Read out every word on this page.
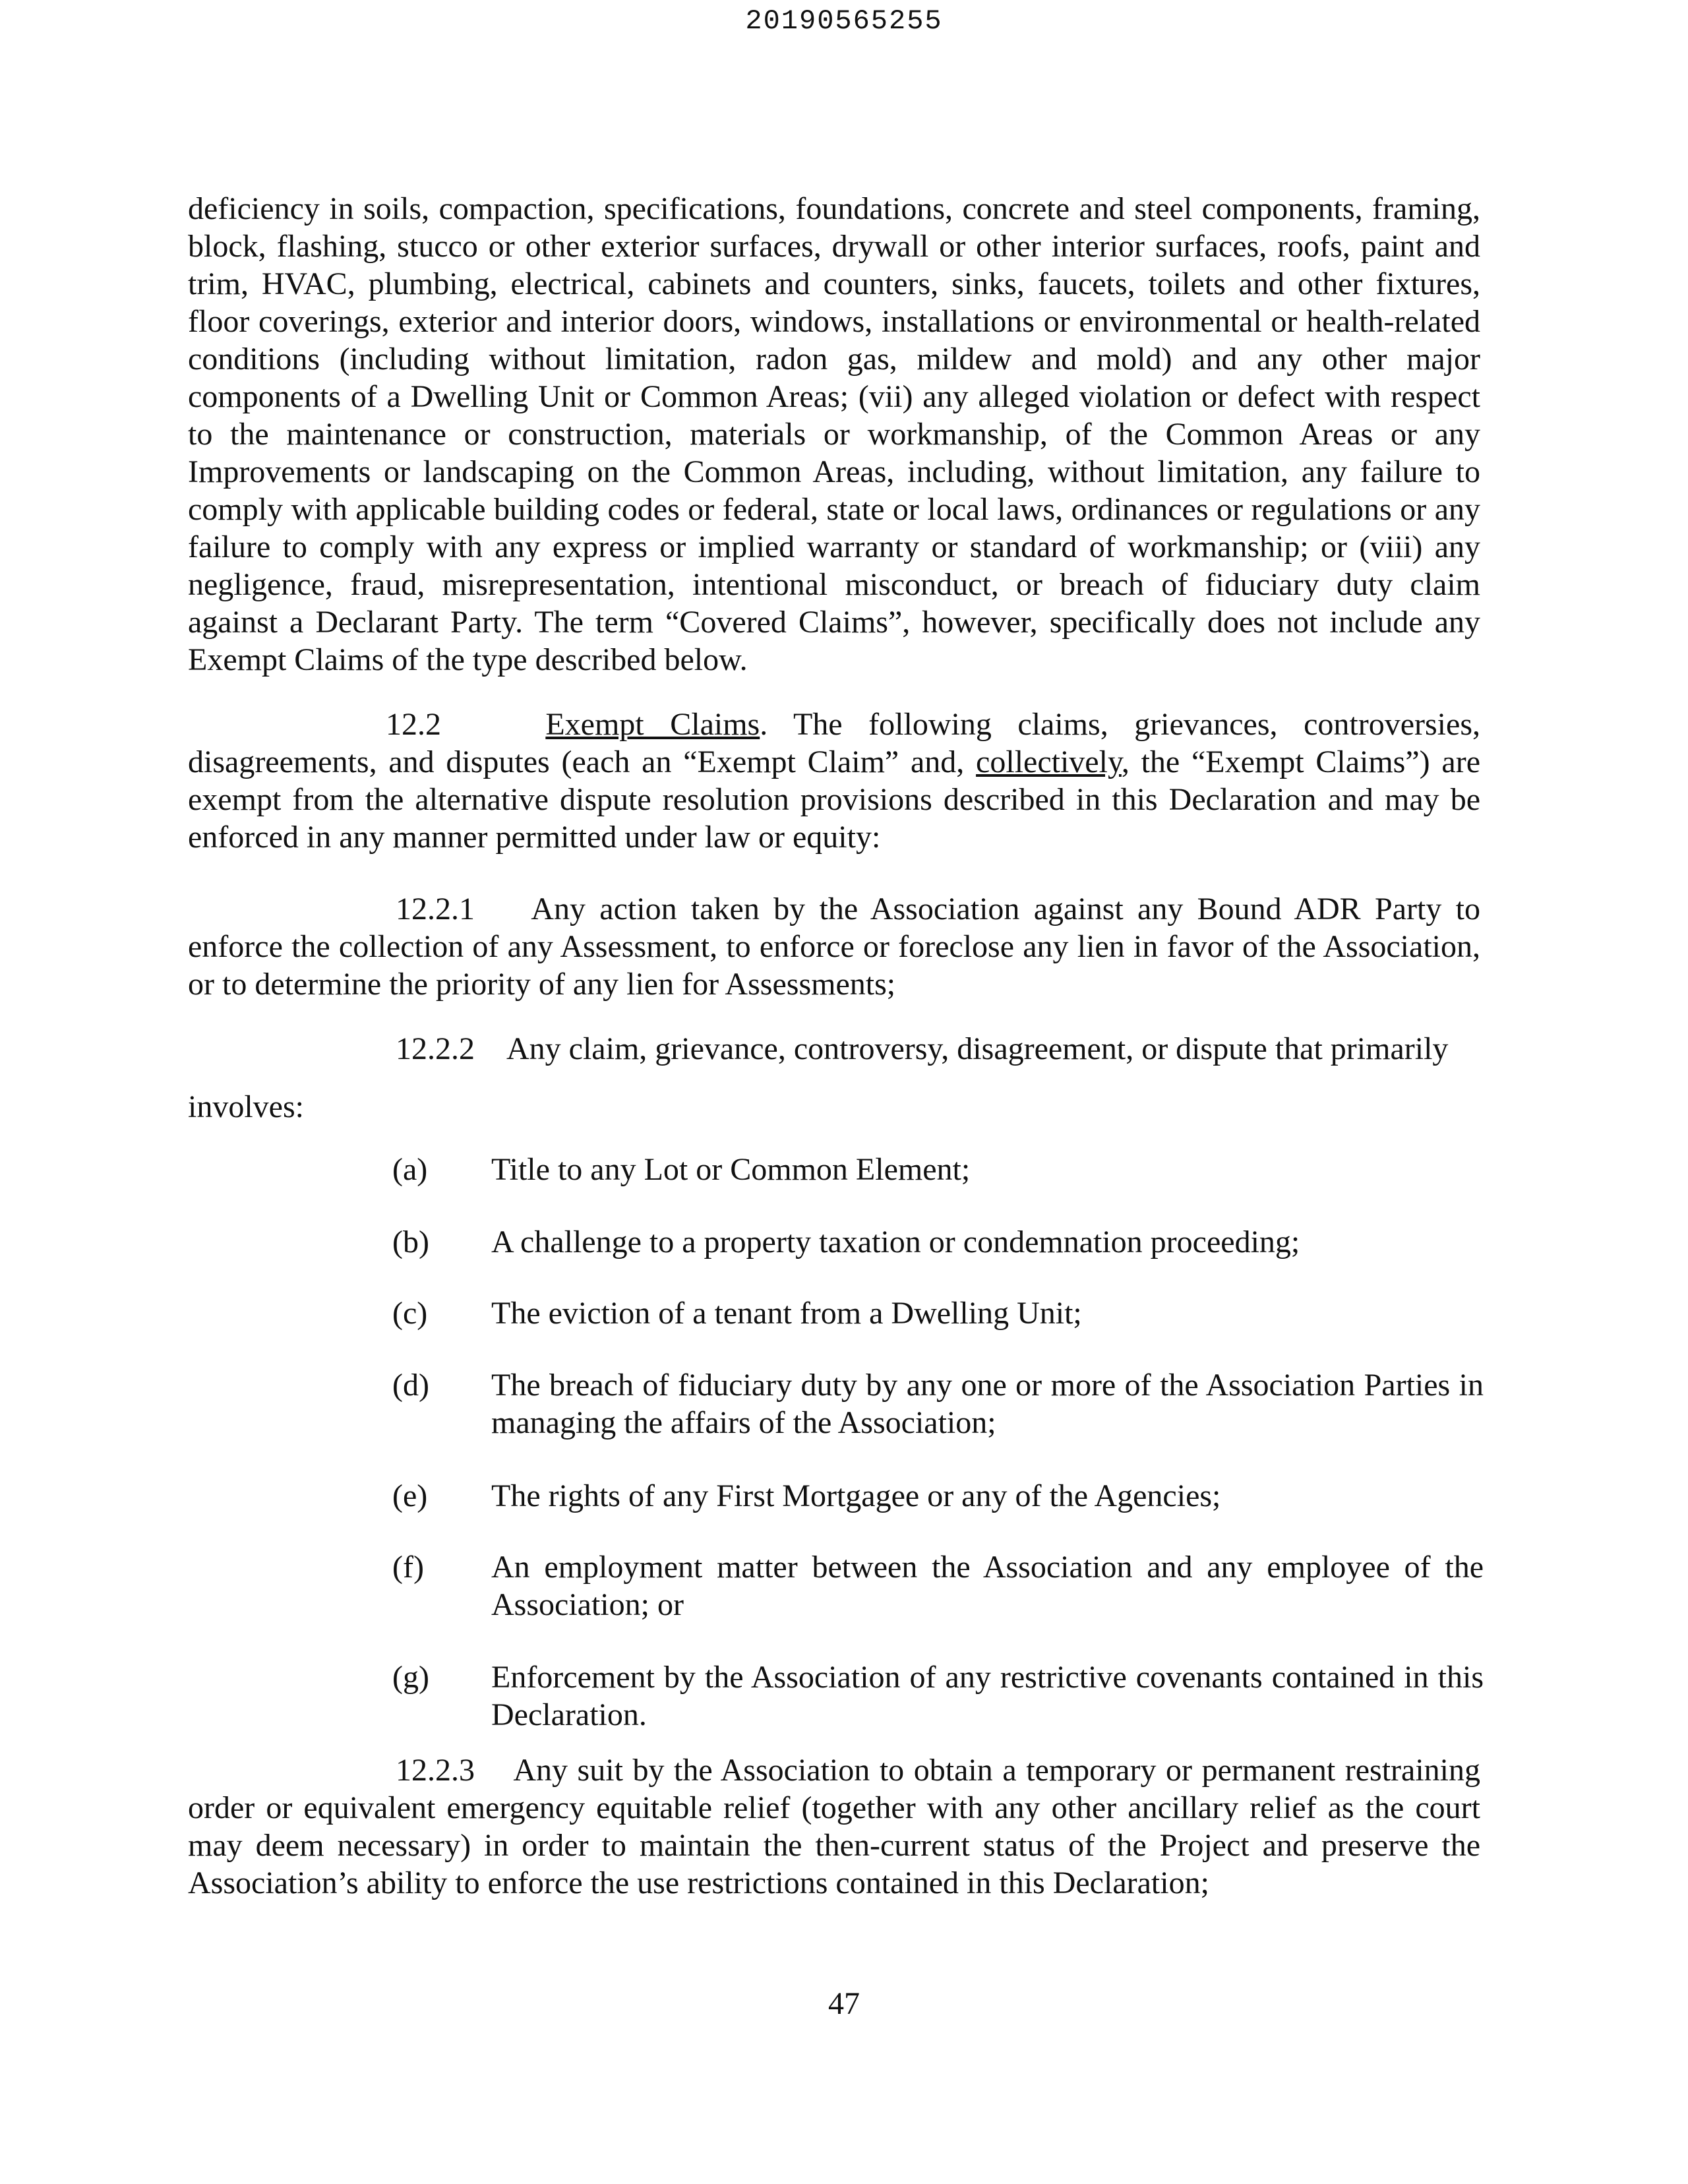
20190565255

deficiency in soils, compaction, specifications, foundations, concrete and steel components, framing, block, flashing, stucco or other exterior surfaces, drywall or other interior surfaces, roofs, paint and trim, HVAC, plumbing, electrical, cabinets and counters, sinks, faucets, toilets and other fixtures, floor coverings, exterior and interior doors, windows, installations or environmental or health-related conditions (including without limitation, radon gas, mildew and mold) and any other major components of a Dwelling Unit or Common Areas; (vii) any alleged violation or defect with respect to the maintenance or construction, materials or workmanship, of the Common Areas or any Improvements or landscaping on the Common Areas, including, without limitation, any failure to comply with applicable building codes or federal, state or local laws, ordinances or regulations or any failure to comply with any express or implied warranty or standard of workmanship; or (viii) any negligence, fraud, misrepresentation, intentional misconduct, or breach of fiduciary duty claim against a Declarant Party. The term “Covered Claims”, however, specifically does not include any Exempt Claims of the type described below.

12.2	Exempt Claims. The following claims, grievances, controversies, disagreements, and disputes (each an “Exempt Claim” and, collectively, the “Exempt Claims”) are exempt from the alternative dispute resolution provisions described in this Declaration and may be enforced in any manner permitted under law or equity:

12.2.1 Any action taken by the Association against any Bound ADR Party to enforce the collection of any Assessment, to enforce or foreclose any lien in favor of the Association, or to determine the priority of any lien for Assessments;

12.2.2 Any claim, grievance, controversy, disagreement, or dispute that primarily
involves:
(a) Title to any Lot or Common Element;
(b) A challenge to a property taxation or condemnation proceeding;
(c) The eviction of a tenant from a Dwelling Unit;
(d) The breach of fiduciary duty by any one or more of the Association Parties in managing the affairs of the Association;
(e) The rights of any First Mortgagee or any of the Agencies;
(f) An employment matter between the Association and any employee of the Association; or
(g) Enforcement by the Association of any restrictive covenants contained in this Declaration.

12.2.3 Any suit by the Association to obtain a temporary or permanent restraining order or equivalent emergency equitable relief (together with any other ancillary relief as the court may deem necessary) in order to maintain the then-current status of the Project and preserve the Association’s ability to enforce the use restrictions contained in this Declaration;

47
